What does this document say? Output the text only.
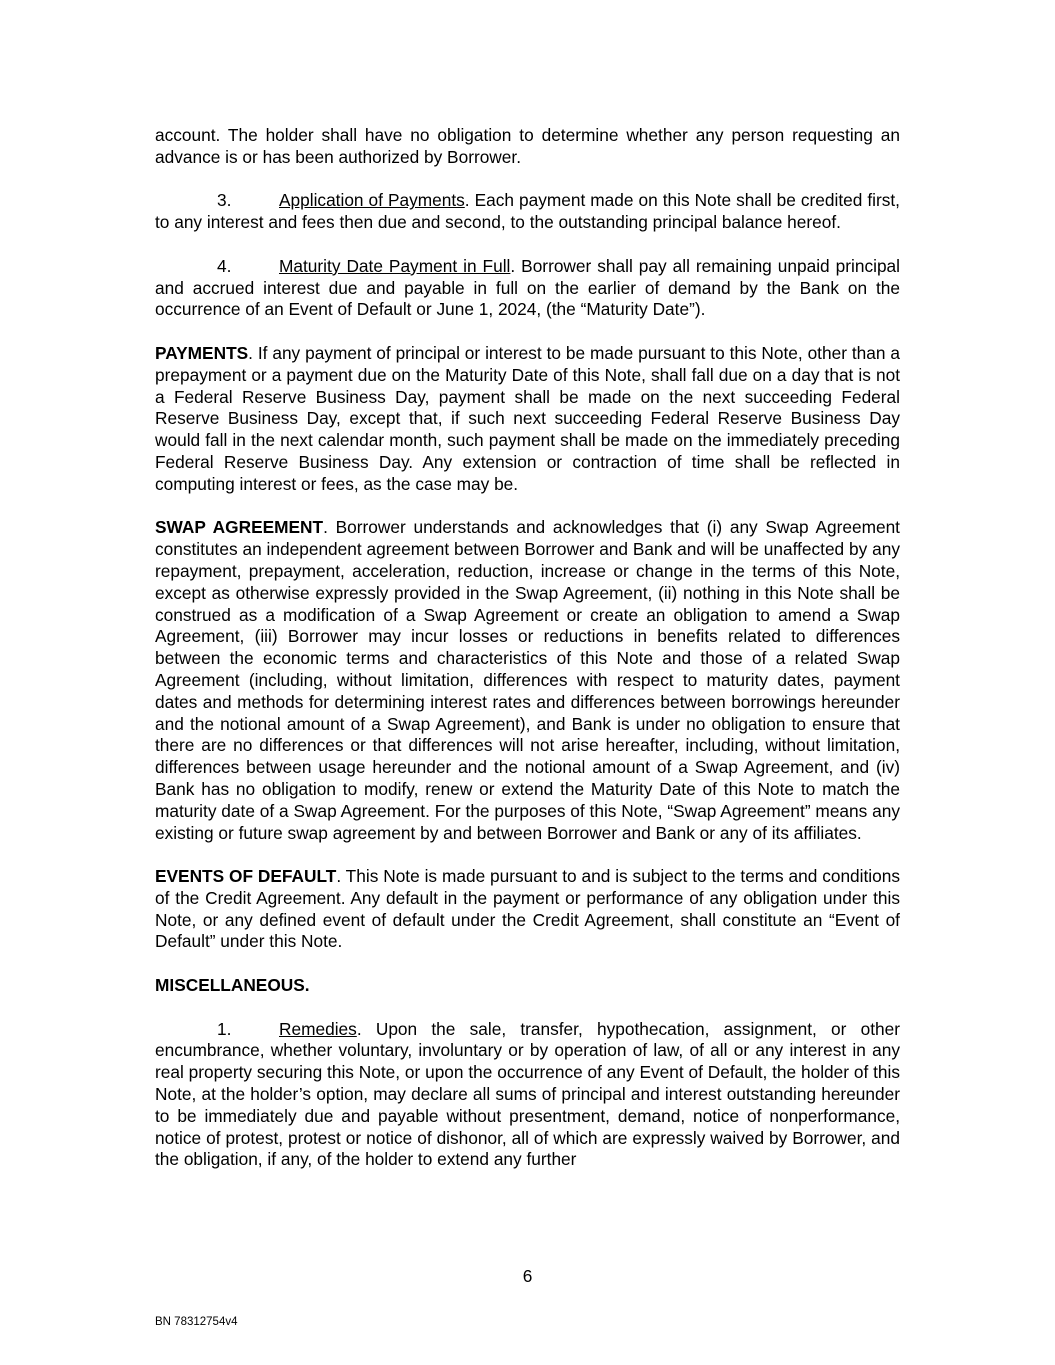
account. The holder shall have no obligation to determine whether any person requesting an advance is or has been authorized by Borrower.

3.	Application of Payments. Each payment made on this Note shall be credited first, to any interest and fees then due and second, to the outstanding principal balance hereof.

4.	Maturity Date Payment in Full. Borrower shall pay all remaining unpaid principal and accrued interest due and payable in full on the earlier of demand by the Bank on the occurrence of an Event of Default or June 1, 2024, (the “Maturity Date”).

PAYMENTS. If any payment of principal or interest to be made pursuant to this Note, other than a prepayment or a payment due on the Maturity Date of this Note, shall fall due on a day that is not a Federal Reserve Business Day, payment shall be made on the next succeeding Federal Reserve Business Day, except that, if such next succeeding Federal Reserve Business Day would fall in the next calendar month, such payment shall be made on the immediately preceding Federal Reserve Business Day. Any extension or contraction of time shall be reflected in computing interest or fees, as the case may be.

SWAP AGREEMENT. Borrower understands and acknowledges that (i) any Swap Agreement constitutes an independent agreement between Borrower and Bank and will be unaffected by any repayment, prepayment, acceleration, reduction, increase or change in the terms of this Note, except as otherwise expressly provided in the Swap Agreement, (ii) nothing in this Note shall be construed as a modification of a Swap Agreement or create an obligation to amend a Swap Agreement, (iii) Borrower may incur losses or reductions in benefits related to differences between the economic terms and characteristics of this Note and those of a related Swap Agreement (including, without limitation, differences with respect to maturity dates, payment dates and methods for determining interest rates and differences between borrowings hereunder and the notional amount of a Swap Agreement), and Bank is under no obligation to ensure that there are no differences or that differences will not arise hereafter, including, without limitation, differences between usage hereunder and the notional amount of a Swap Agreement, and (iv) Bank has no obligation to modify, renew or extend the Maturity Date of this Note to match the maturity date of a Swap Agreement. For the purposes of this Note, “Swap Agreement” means any existing or future swap agreement by and between Borrower and Bank or any of its affiliates.

EVENTS OF DEFAULT. This Note is made pursuant to and is subject to the terms and conditions of the Credit Agreement. Any default in the payment or performance of any obligation under this Note, or any defined event of default under the Credit Agreement, shall constitute an “Event of Default” under this Note.

MISCELLANEOUS.

1.	Remedies. Upon the sale, transfer, hypothecation, assignment, or other encumbrance, whether voluntary, involuntary or by operation of law, of all or any interest in any real property securing this Note, or upon the occurrence of any Event of Default, the holder of this Note, at the holder’s option, may declare all sums of principal and interest outstanding hereunder to be immediately due and payable without presentment, demand, notice of nonperformance, notice of protest, protest or notice of dishonor, all of which are expressly waived by Borrower, and the obligation, if any, of the holder to extend any further

6
BN 78312754v4
